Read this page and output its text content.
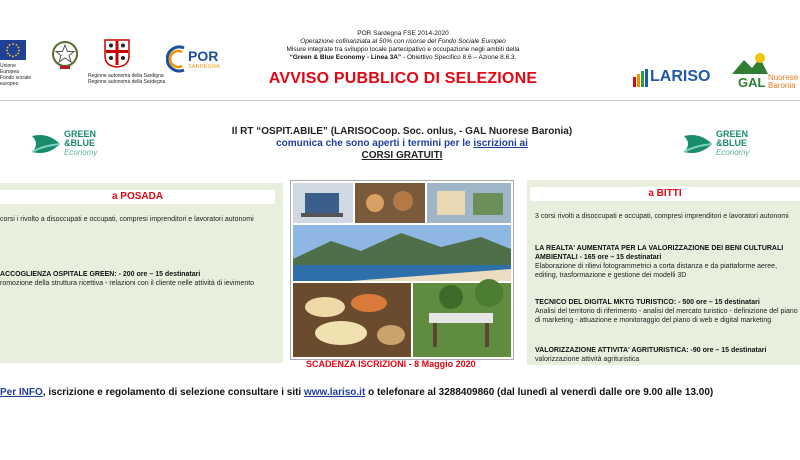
Unione
Europea
Fondo sociale europeo
Regione autonoma della Sardigna
Regione autonoma della Sardegna
POR
SARDEGNA
POR Sardegna FSE 2014-2020
Operazione cofinanziata al 50% con risorse del Fondo Sociale Europeo
Misure integrate tra sviluppo locale partecipativo e occupazione negli ambiti della
“Green & Blue Economy - Linea 3A” - Obiettivo Specifico 8.6 – Azione 8.6.3.
AVVISO PUBBLICO DI SELEZIONE	LARISO GAL Nuorese
Baronia
GREEN
&BLUE
Economy
GREEN
&BLUE
Economy
Il RT “OSPIT.ABILE” (LARISOCoop. Soc. onlus, - GAL Nuorese Baronia)
comunica che sono aperti i termini per le iscrizioni ai
CORSI GRATUITI
a POSADA
corsi i rivolto a disoccupati e occupati, compresi imprenditori e lavoratori autonomi
ACCOGLIENZA OSPITALE GREEN: - 200 ore – 15 destinatari
romozione della struttura ricettiva - relazioni con il cliente nelle attività di ievimento
SCADENZA ISCRIZIONI - 8 Maggio 2020
a BITTI
3 corsi rivolti a disoccupati e occupati, compresi imprenditori e lavoratori autonomi
LA REALTA' AUMENTATA PER LA VALORIZZAZIONE DEI BENI CULTURALI AMBIENTALI - 165 ore – 15 destinatari
Elaborazione di rilievi fotogrammetrici a corta distanza e da piattaforme aeree, editing, trasformazione e gestione dei modelli 3D
TECNICO DEL DIGITAL MKTG TURISTICO: - 500 ore – 15 destinatari
Analisi del territorio di riferimento - analisi del mercato turistico - definizione del piano di marketing - attuazione e monitoraggio del piano di web e digital marketing
VALORIZZAZIONE ATTIVITA' AGRITURISTICA: -90 ore – 15 destinatari
valorizzazione attività agrituristica
Per INFO, iscrizione e regolamento di selezione consultare i siti www.lariso.it o telefonare al 3288409860 (dal lunedì al venerdì dalle ore 9.00 alle 13.00)
